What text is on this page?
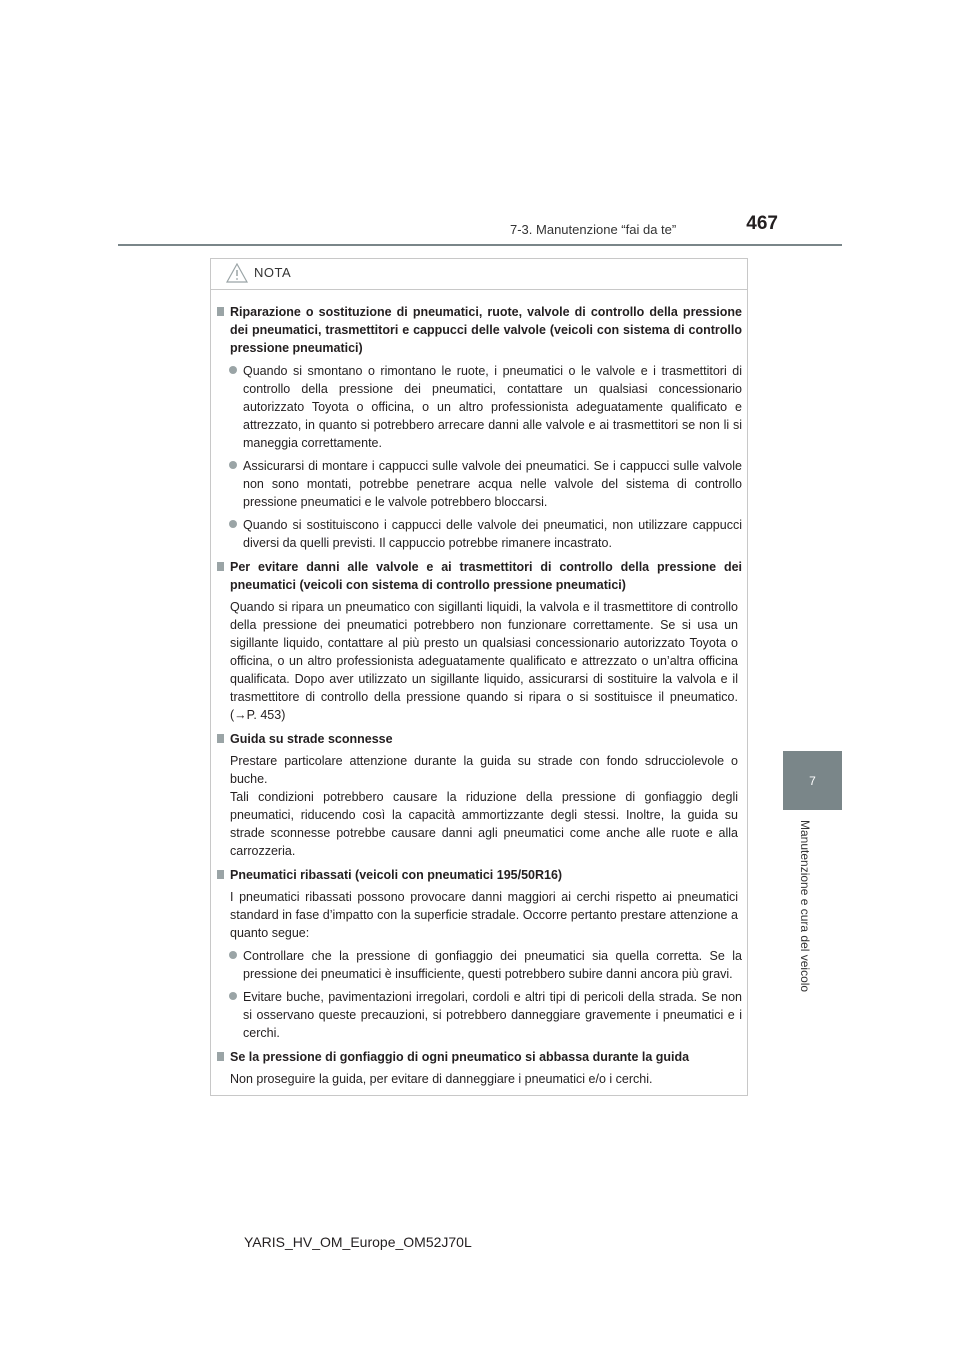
7-3. Manutenzione “fai da te”	467
7
Manutenzione e cura del veicolo
NOTA
Riparazione o sostituzione di pneumatici, ruote, valvole di controllo della pressione dei pneumatici, trasmettitori e cappucci delle valvole (veicoli con sistema di controllo pressione pneumatici)
Quando si smontano o rimontano le ruote, i pneumatici o le valvole e i trasmettitori di controllo della pressione dei pneumatici, contattare un qualsiasi concessionario autorizzato Toyota o officina, o un altro professionista adeguatamente qualificato e attrezzato, in quanto si potrebbero arrecare danni alle valvole e ai trasmettitori se non li si maneggia correttamente.
Assicurarsi di montare i cappucci sulle valvole dei pneumatici. Se i cappucci sulle valvole non sono montati, potrebbe penetrare acqua nelle valvole del sistema di controllo pressione pneumatici e le valvole potrebbero bloccarsi.
Quando si sostituiscono i cappucci delle valvole dei pneumatici, non utilizzare cappucci diversi da quelli previsti. Il cappuccio potrebbe rimanere incastrato.
Per evitare danni alle valvole e ai trasmettitori di controllo della pressione dei pneumatici (veicoli con sistema di controllo pressione pneumatici)
Quando si ripara un pneumatico con sigillanti liquidi, la valvola e il trasmettitore di controllo della pressione dei pneumatici potrebbero non funzionare correttamente. Se si usa un sigillante liquido, contattare al più presto un qualsiasi concessionario autorizzato Toyota o officina, o un altro professionista adeguatamente qualificato e attrezzato o un’altra officina qualificata. Dopo aver utilizzato un sigillante liquido, assicurarsi di sostituire la valvola e il trasmettitore di controllo della pressione quando si ripara o si sostituisce il pneumatico. (→P. 453)
Guida su strade sconnesse
Prestare particolare attenzione durante la guida su strade con fondo sdrucciolevole o buche.
Tali condizioni potrebbero causare la riduzione della pressione di gonfiaggio degli pneumatici, riducendo così la capacità ammortizzante degli stessi. Inoltre, la guida su strade sconnesse potrebbe causare danni agli pneumatici come anche alle ruote e alla carrozzeria.
Pneumatici ribassati (veicoli con pneumatici 195/50R16)
I pneumatici ribassati possono provocare danni maggiori ai cerchi rispetto ai pneumatici standard in fase d’impatto con la superficie stradale. Occorre pertanto prestare attenzione a quanto segue:
Controllare che la pressione di gonfiaggio dei pneumatici sia quella corretta. Se la pressione dei pneumatici è insufficiente, questi potrebbero subire danni ancora più gravi.
Evitare buche, pavimentazioni irregolari, cordoli e altri tipi di pericoli della strada. Se non si osservano queste precauzioni, si potrebbero danneggiare gravemente i pneumatici e i cerchi.
Se la pressione di gonfiaggio di ogni pneumatico si abbassa durante la guida
Non proseguire la guida, per evitare di danneggiare i pneumatici e/o i cerchi.
YARIS_HV_OM_Europe_OM52J70L
